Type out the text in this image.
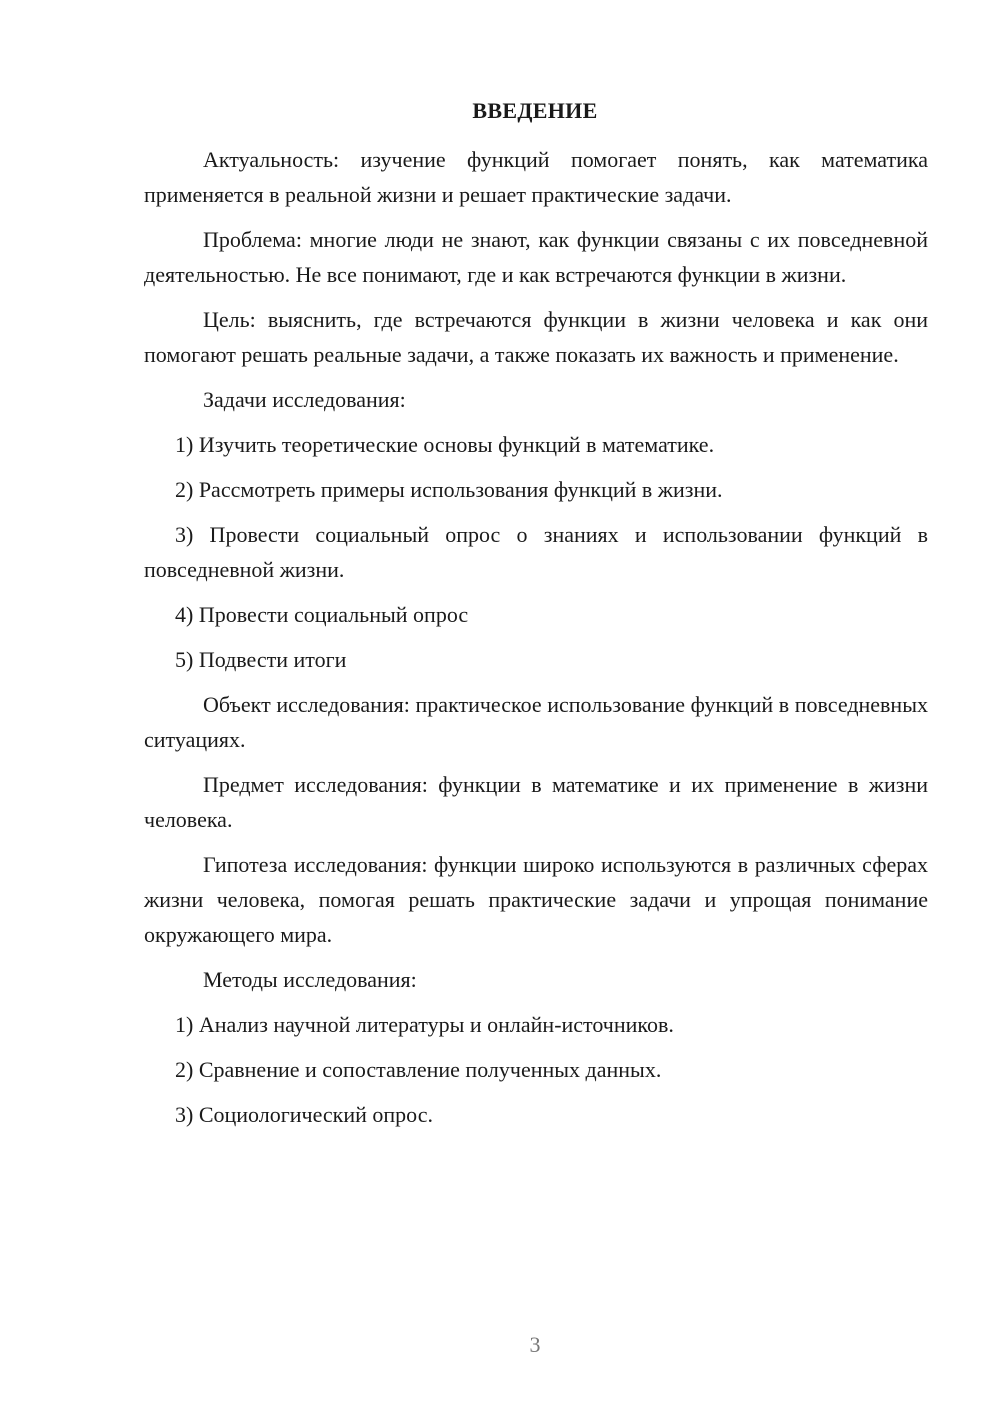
ВВЕДЕНИЕ

Актуальность: изучение функций помогает понять, как математика применяется в реальной жизни и решает практические задачи.

Проблема: многие люди не знают, как функции связаны с их повседневной деятельностью. Не все понимают, где и как встречаются функции в жизни.

Цель: выяснить, где встречаются функции в жизни человека и как они помогают решать реальные задачи, а также показать их важность и применение.

Задачи исследования:

1) Изучить теоретические основы функций в математике.

2) Рассмотреть примеры использования функций в жизни.

3) Провести социальный опрос о знаниях и использовании функций в повседневной жизни.

4) Провести социальный опрос

5) Подвести итоги

Объект исследования: практическое использование функций в повседневных ситуациях.

Предмет исследования: функции в математике и их применение в жизни человека.

Гипотеза исследования: функции широко используются в различных сферах жизни человека, помогая решать практические задачи и упрощая понимание окружающего мира.

Методы исследования:

1) Анализ научной литературы и онлайн-источников.

2) Сравнение и сопоставление полученных данных.

3) Социологический опрос.

3
